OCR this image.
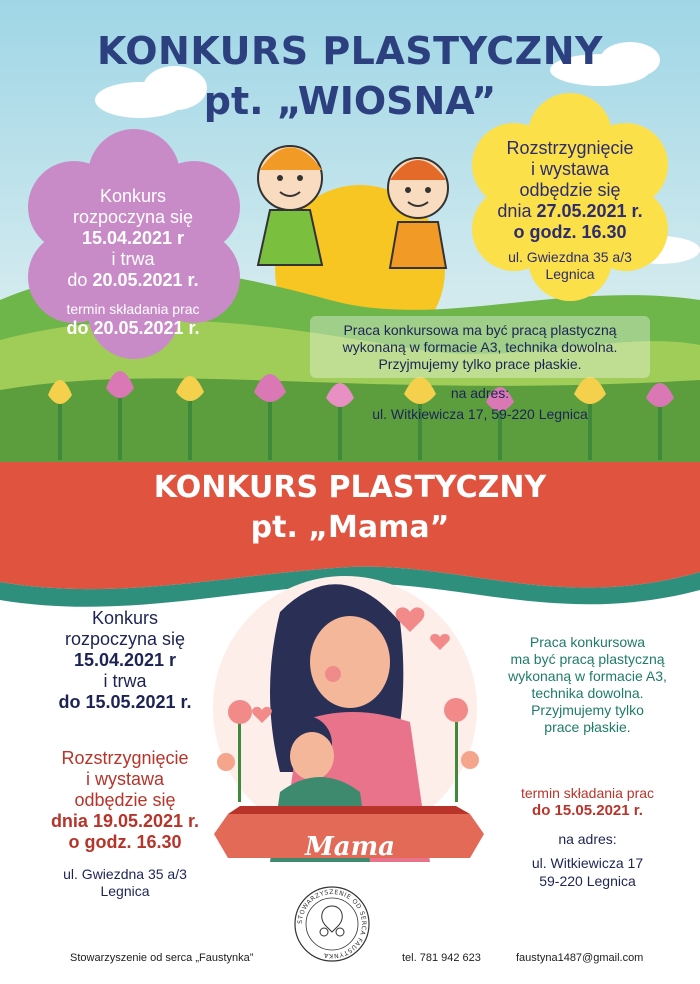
KONKURS PLASTYCZNY
pt. „WIOSNA”
Konkurs
rozpoczyna się
15.04.2021 r
i trwa
do 20.05.2021 r.
termin składania prac
do 20.05.2021 r.
Rozstrzygnięcie
i wystawa
odbędzie się
dnia 27.05.2021 r.
o godz. 16.30
ul. Gwiezdna 35 a/3
Legnica
Praca konkursowa ma być pracą plastyczną
wykonaną w formacie A3, technika dowolna.
Przyjmujemy tylko prace płaskie.
na adres:
ul. Witkiewicza 17, 59-220 Legnica
KONKURS PLASTYCZNY
pt. „Mama”
Mama
Konkurs
rozpoczyna się
15.04.2021 r
i trwa
do 15.05.2021 r.
Rozstrzygnięcie
i wystawa
odbędzie się
dnia 19.05.2021 r.
o godz. 16.30
ul. Gwiezdna 35 a/3
Legnica
Praca konkursowa
ma być pracą plastyczną
wykonaną w formacie A3,
technika dowolna.
Przyjmujemy tylko
prace płaskie.
termin składania prac
do 15.05.2021 r.
na adres:
ul. Witkiewicza 17
59-220 Legnica
STOWARZYSZENIE OD SERCA FAUSTYNKA
Stowarzyszenie od serca „Faustynka”	tel. 781 942 623	faustyna1487@gmail.com
